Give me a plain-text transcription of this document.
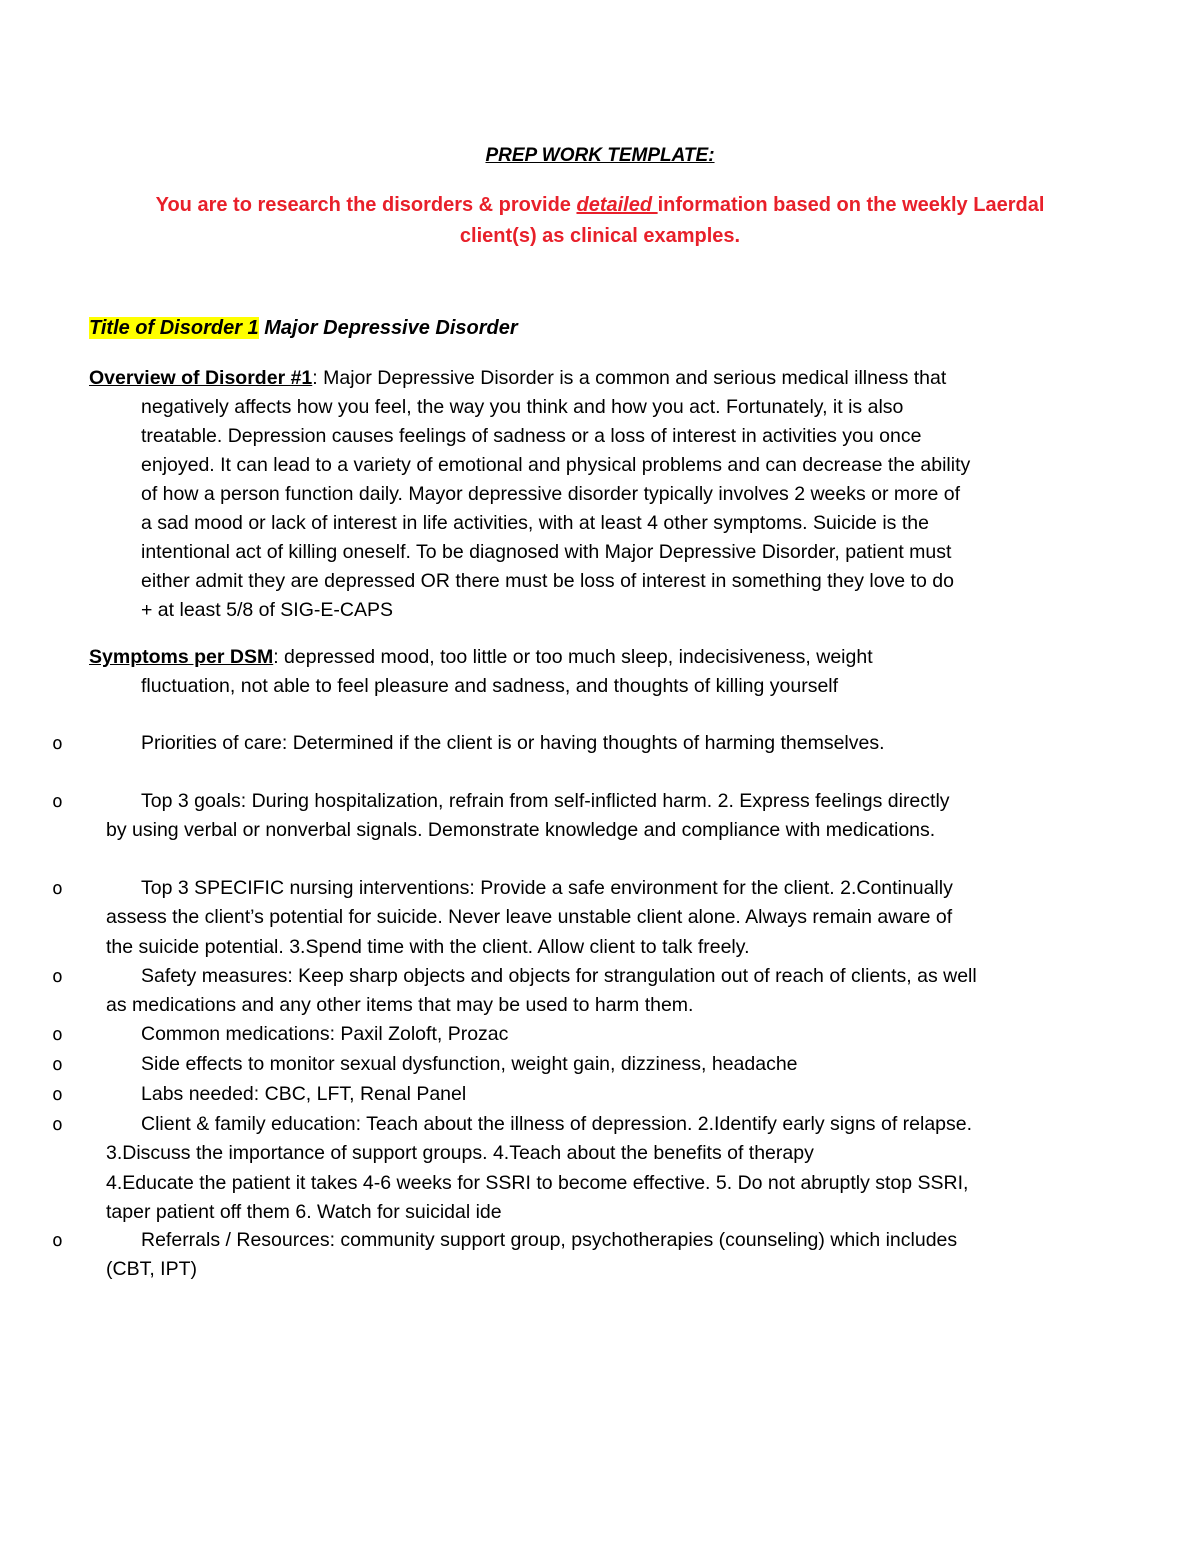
PREP WORK TEMPLATE:
You are to research the disorders & provide detailed information based on the weekly Laerdal
client(s) as clinical examples.
Title of Disorder 1 Major Depressive Disorder
Overview of Disorder #1: Major Depressive Disorder is a common and serious medical illness that
negatively affects how you feel, the way you think and how you act. Fortunately, it is also
treatable. Depression causes feelings of sadness or a loss of interest in activities you once
enjoyed. It can lead to a variety of emotional and physical problems and can decrease the ability
of how a person function daily. Mayor depressive disorder typically involves 2 weeks or more of
a sad mood or lack of interest in life activities, with at least 4 other symptoms. Suicide is the
intentional act of killing oneself. To be diagnosed with Major Depressive Disorder, patient must
either admit they are depressed OR there must be loss of interest in something they love to do
+ at least 5/8 of SIG-E-CAPS
Symptoms per DSM: depressed mood, too little or too much sleep, indecisiveness, weight
fluctuation, not able to feel pleasure and sadness, and thoughts of killing yourself
o	Priorities of care: Determined if the client is or having thoughts of harming themselves.
o	Top 3 goals: During hospitalization, refrain from self-inflicted harm. 2. Express feelings directly
by using verbal or nonverbal signals. Demonstrate knowledge and compliance with medications.
o	Top 3 SPECIFIC nursing interventions: Provide a safe environment for the client. 2.Continually
assess the client’s potential for suicide. Never leave unstable client alone. Always remain aware of
the suicide potential. 3.Spend time with the client. Allow client to talk freely.
o	Safety measures: Keep sharp objects and objects for strangulation out of reach of clients, as well
as medications and any other items that may be used to harm them.
o	Common medications: Paxil Zoloft, Prozac
o	Side effects to monitor sexual dysfunction, weight gain, dizziness, headache
o	Labs needed: CBC, LFT, Renal Panel
o	Client & family education: Teach about the illness of depression. 2.Identify early signs of relapse.
3.Discuss the importance of support groups. 4.Teach about the benefits of therapy
4.Educate the patient it takes 4-6 weeks for SSRI to become effective. 5. Do not abruptly stop SSRI,
taper patient off them 6. Watch for suicidal ide
o	Referrals / Resources: community support group, psychotherapies (counseling) which includes
(CBT, IPT)
